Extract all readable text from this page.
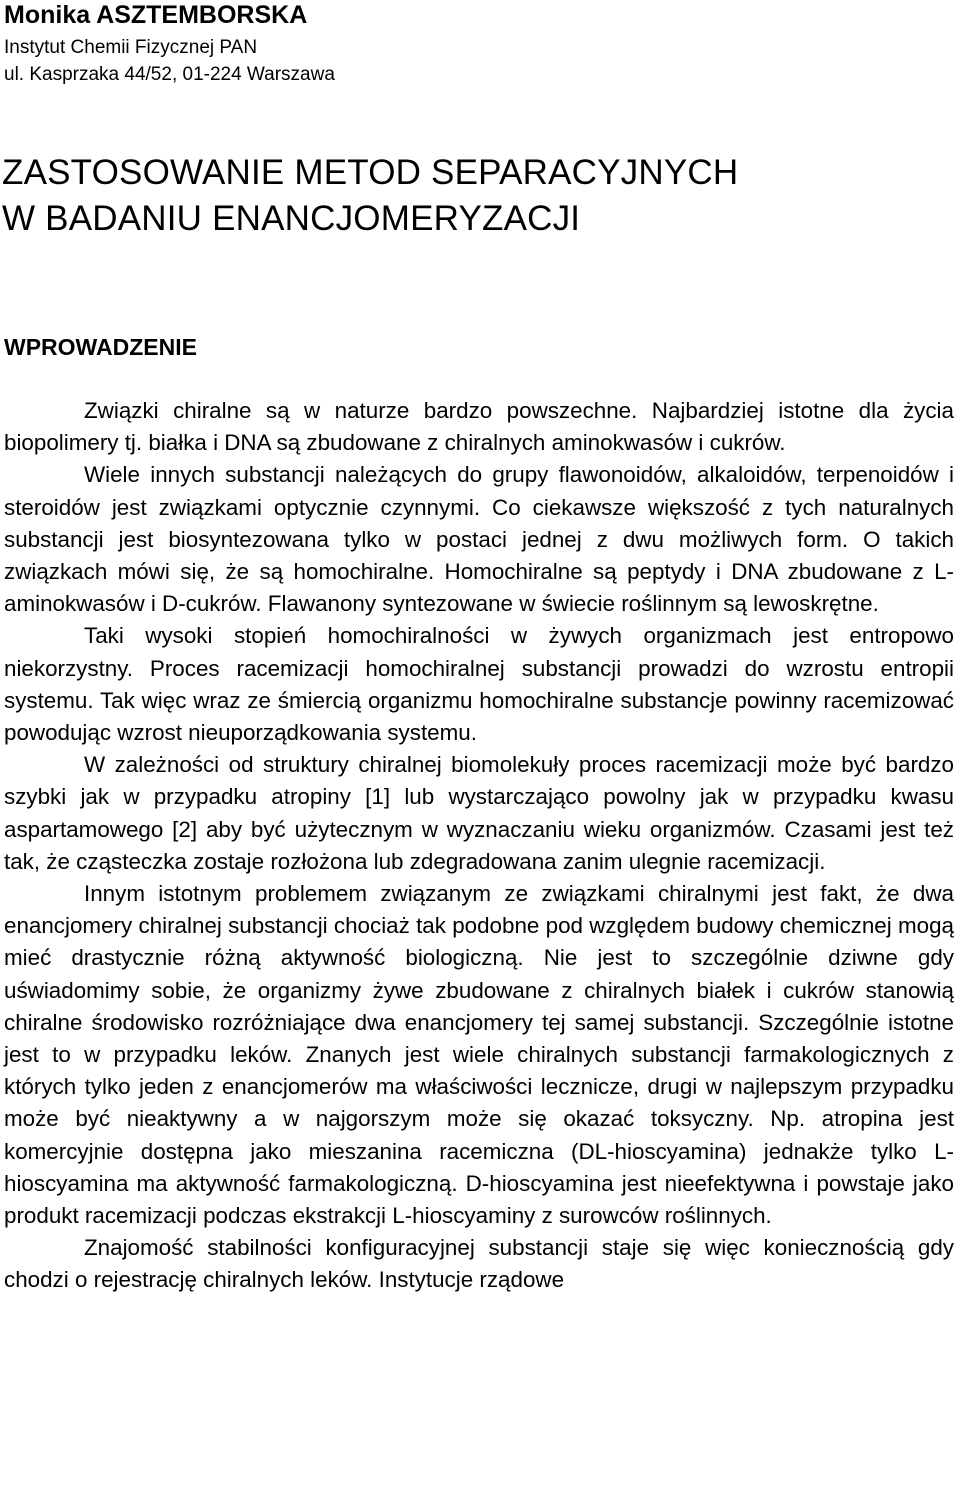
Monika ASZTEMBORSKA
Instytut Chemii Fizycznej PAN
ul. Kasprzaka 44/52, 01-224 Warszawa
ZASTOSOWANIE METOD SEPARACYJNYCH
W BADANIU ENANCJOMERYZACJI
WPROWADZENIE

Związki chiralne są w naturze bardzo powszechne. Najbardziej istotne dla życia biopolimery tj. białka i DNA są zbudowane z chiralnych aminokwasów i cukrów.

Wiele innych substancji należących do grupy flawonoidów, alkaloidów, terpenoidów i steroidów jest związkami optycznie czynnymi. Co ciekawsze większość z tych naturalnych substancji jest biosyntezowana tylko w postaci jednej z dwu możliwych form. O takich związkach mówi się, że są homochiralne. Homochiralne są peptydy i DNA zbudowane z L-aminokwasów i D-cukrów. Flawanony syntezowane w świecie roślinnym są lewoskrętne.

Taki wysoki stopień homochiralności w żywych organizmach jest entropowo niekorzystny. Proces racemizacji homochiralnej substancji prowadzi do wzrostu entropii systemu. Tak więc wraz ze śmiercią organizmu homochiralne substancje powinny racemizować powodując wzrost nieuporządkowania systemu.

W zależności od struktury chiralnej biomolekuły proces racemizacji może być bardzo szybki jak w przypadku atropiny [1] lub wystarczająco powolny jak w przypadku kwasu aspartamowego [2] aby być użytecznym w wyznaczaniu wieku organizmów. Czasami jest też tak, że cząsteczka zostaje rozłożona lub zdegradowana zanim ulegnie racemizacji.

Innym istotnym problemem związanym ze związkami chiralnymi jest fakt, że dwa enancjomery chiralnej substancji chociaż tak podobne pod względem budowy chemicznej mogą mieć drastycznie różną aktywność biologiczną. Nie jest to szczególnie dziwne gdy uświadomimy sobie, że organizmy żywe zbudowane z chiralnych białek i cukrów stanowią chiralne środowisko rozróżniające dwa enancjomery tej samej substancji. Szczególnie istotne jest to w przypadku leków. Znanych jest wiele chiralnych substancji farmakologicznych z których tylko jeden z enancjomerów ma właściwości lecznicze, drugi w najlepszym przypadku może być nieaktywny a w najgorszym może się okazać toksyczny. Np. atropina jest komercyjnie dostępna jako mieszanina racemiczna (DL-hioscyamina) jednakże tylko L-hioscyamina ma aktywność farmakologiczną. D-hioscyamina jest nieefektywna i powstaje jako produkt racemizacji podczas ekstrakcji L-hioscyaminy z surowców roślinnych.

Znajomość stabilności konfiguracyjnej substancji staje się więc koniecznością gdy chodzi o rejestrację chiralnych leków. Instytucje rządowe
